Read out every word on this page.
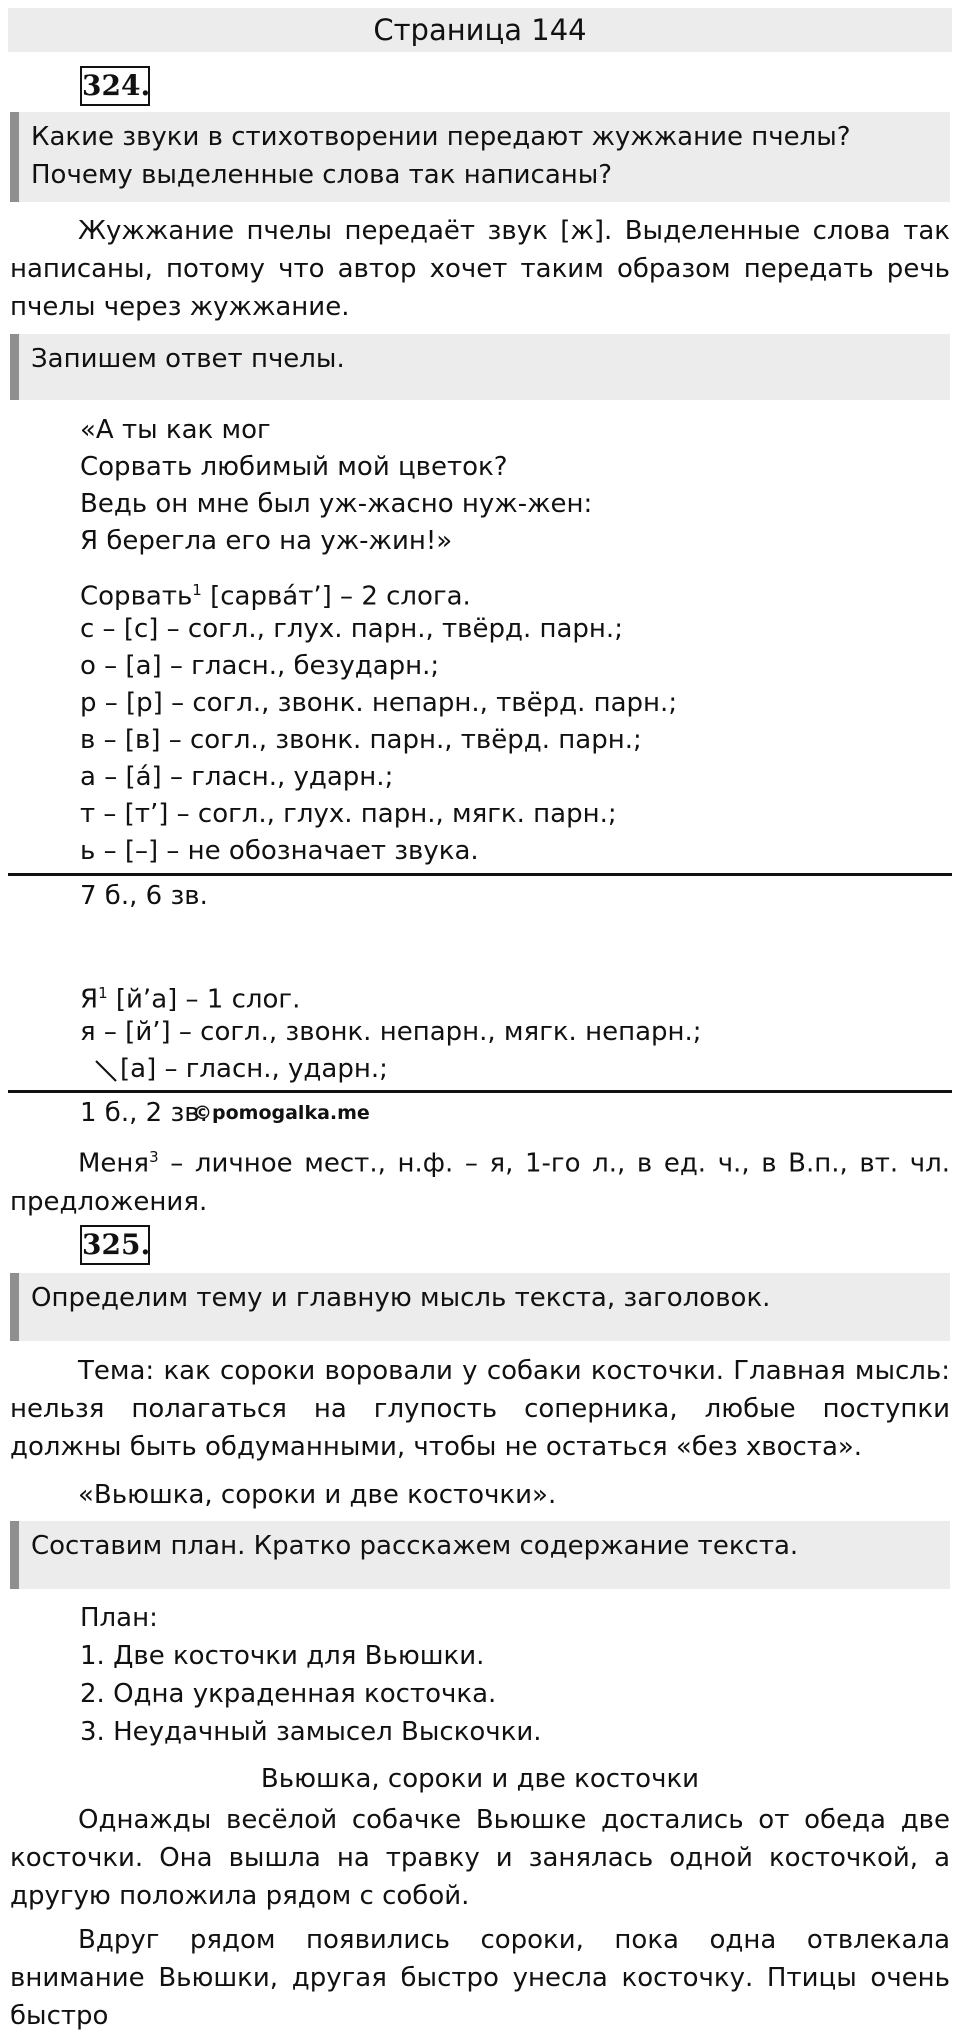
Страница 144
324.
Какие звуки в стихотворении передают жужжание пчелы? Почему выделенные слова так написаны?
Жужжание пчелы передаёт звук [ж]. Выделенные слова так написаны, потому что автор хочет таким образом передать речь пчелы через жужжание.
Запишем ответ пчелы.
«А ты как мог
Сорвать любимый мой цветок?
Ведь он мне был уж-жасно нуж-жен:
Я берегла его на уж-жин!»
Сорвать$^1$ [сарва́т’] – 2 слога.
с – [с] – согл., глух. парн., твёрд. парн.;
о – [а] – гласн., безударн.;
р – [р] – согл., звонк. непарн., твёрд. парн.;
в – [в] – согл., звонк. парн., твёрд. парн.;
а – [а́] – гласн., ударн.;
т – [т’] – согл., глух. парн., мягк. парн.;
ь – [–] – не обозначает звука.
7 б., 6 зв.
$Я^1$ [й’а] – 1 слог.
я – [й’] – согл., звонк. непарн., мягк. непарн.;
[а] – гласн., ударн.;
1 б., 2 зв.
©pomogalka.me
Меня$^3$ – личное мест., н.ф. – я, 1-го л., в ед. ч., в В.п., вт. чл. предложения.
325.
Определим тему и главную мысль текста, заголовок.
Тема: как сороки воровали у собаки косточки. Главная мысль: нельзя полагаться на глупость соперника, любые поступки должны быть обдуманными, чтобы не остаться «без хвоста».
«Вьюшка, сороки и две косточки».
Составим план. Кратко расскажем содержание текста.
План:
1. Две косточки для Вьюшки.
2. Одна украденная косточка.
3. Неудачный замысел Выскочки.
Вьюшка, сороки и две косточки
Однажды весёлой собачке Вьюшке достались от обеда две косточки. Она вышла на травку и занялась одной косточкой, а другую положила рядом с собой.
Вдруг рядом появились сороки, пока одна отвлекала внимание Вьюшки, другая быстро унесла косточку. Птицы очень быстро
